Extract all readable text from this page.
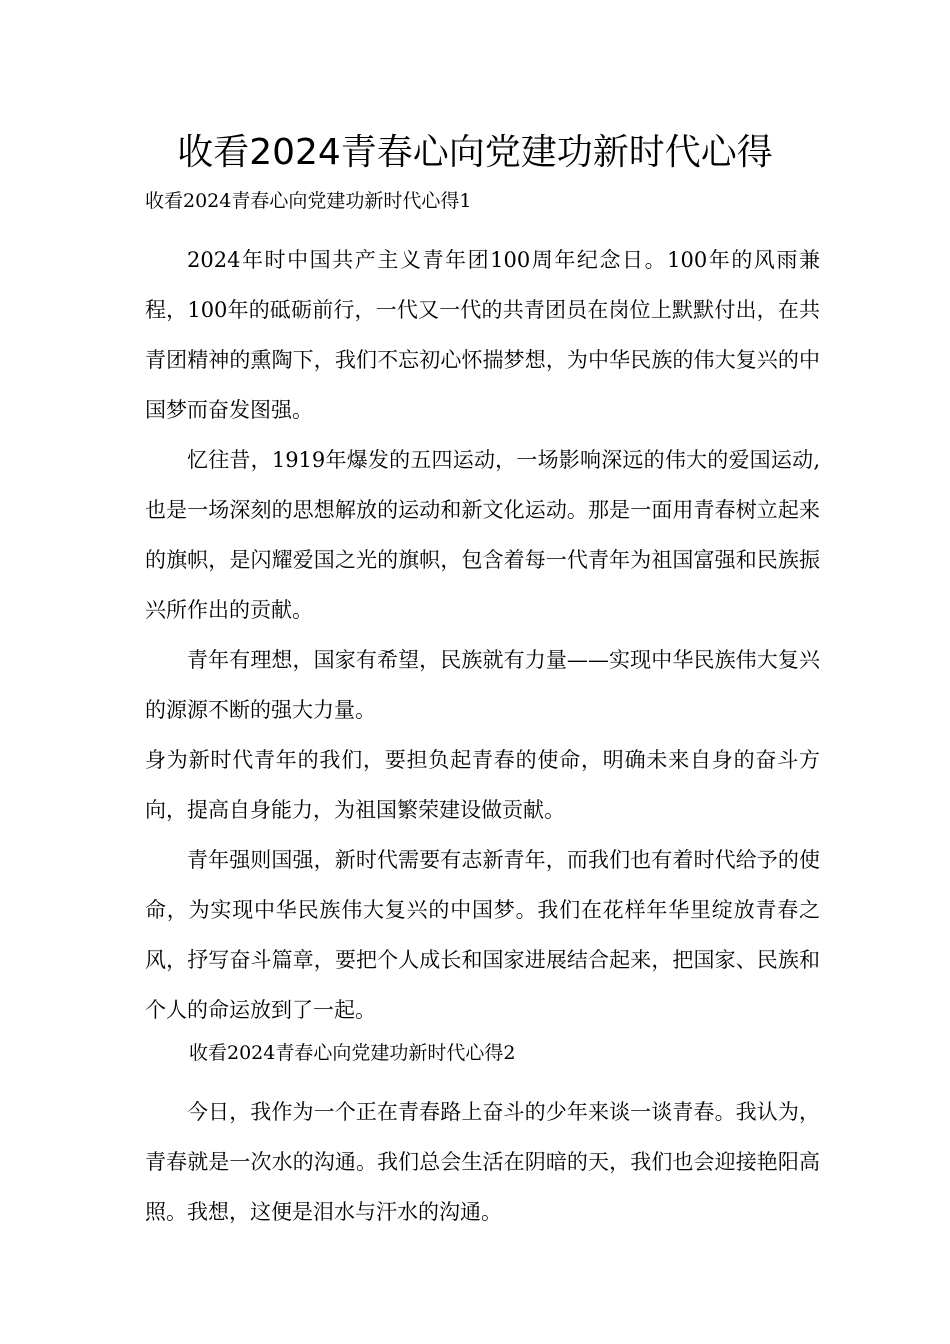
收看2024青春心向党建功新时代心得
收看2024青春心向党建功新时代心得1

2024年时中国共产主义青年团100周年纪念日。100年的风雨兼程，100年的砥砺前行，一代又一代的共青团员在岗位上默默付出，在共青团精神的熏陶下，我们不忘初心怀揣梦想，为中华民族的伟大复兴的中国梦而奋发图强。

忆往昔，1919年爆发的五四运动，一场影响深远的伟大的爱国运动,也是一场深刻的思想解放的运动和新文化运动。那是一面用青春树立起来的旗帜，是闪耀爱国之光的旗帜，包含着每一代青年为祖国富强和民族振兴所作出的贡献。

青年有理想，国家有希望，民族就有力量——实现中华民族伟大复兴的源源不断的强大力量。

身为新时代青年的我们，要担负起青春的使命，明确未来自身的奋斗方向，提高自身能力，为祖国繁荣建设做贡献。

青年强则国强，新时代需要有志新青年，而我们也有着时代给予的使命，为实现中华民族伟大复兴的中国梦。我们在花样年华里绽放青春之风，抒写奋斗篇章，要把个人成长和国家进展结合起来，把国家、民族和个人的命运放到了一起。

收看2024青春心向党建功新时代心得2

今日，我作为一个正在青春路上奋斗的少年来谈一谈青春。我认为，青春就是一次水的沟通。我们总会生活在阴暗的天，我们也会迎接艳阳高照。我想，这便是泪水与汗水的沟通。
